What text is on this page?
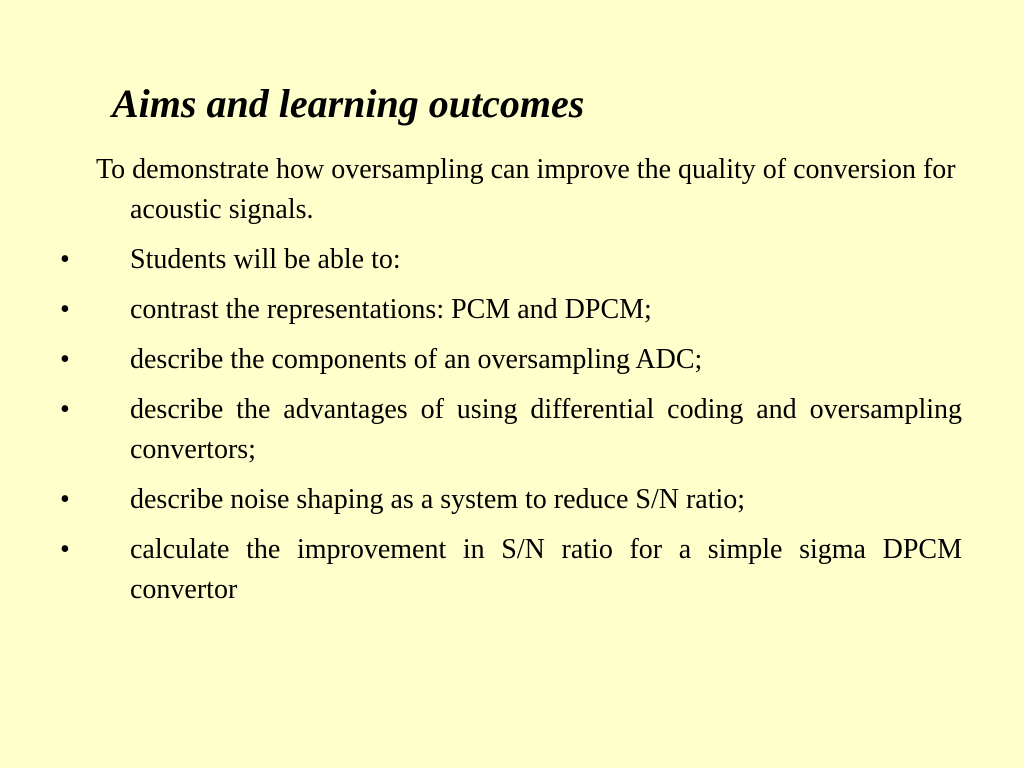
Aims and learning outcomes

To demonstrate how oversampling can improve the quality of conversion for acoustic signals.

•	Students will be able to:
•	contrast the representations: PCM and DPCM;
•	describe the components of an oversampling ADC;
•	describe the advantages of using differential coding and oversampling convertors;
•	describe noise shaping as a system to reduce S/N ratio;
•	calculate the improvement in S/N ratio for a simple sigma DPCM convertor
